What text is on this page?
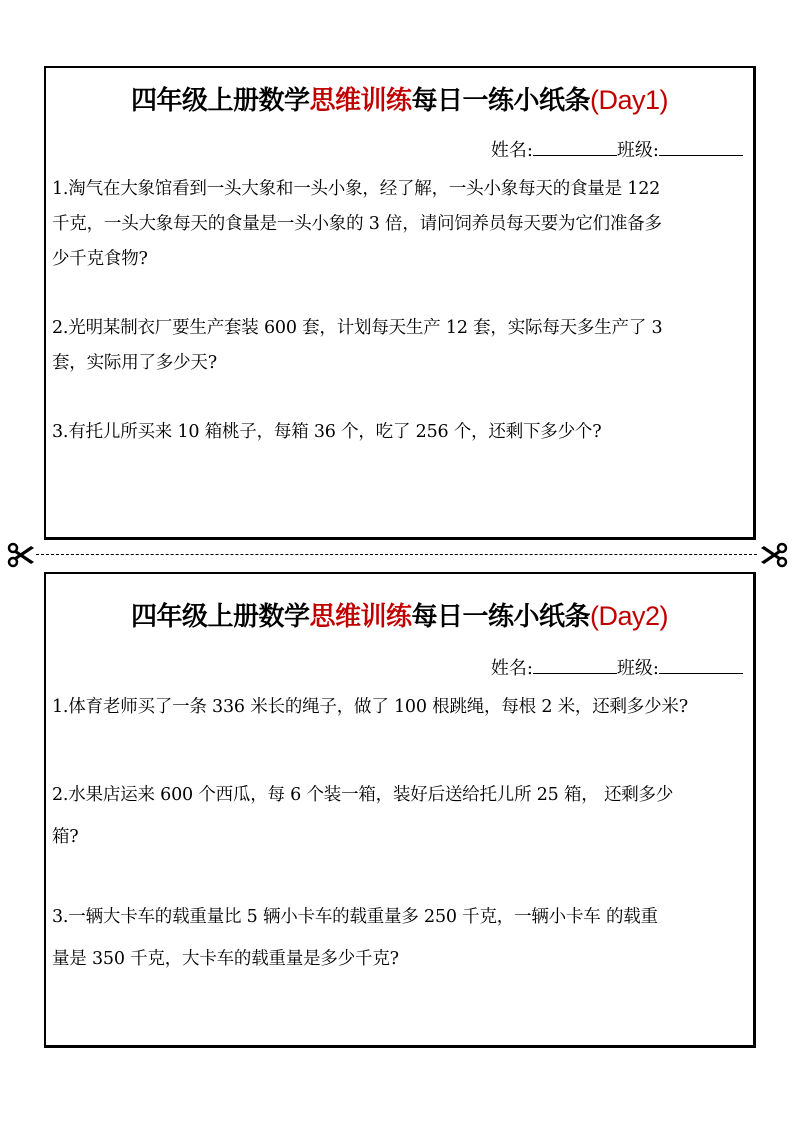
四年级上册数学思维训练每日一练小纸条(Day1)
姓名:	班级:
1.淘气在大象馆看到一头大象和一头小象，经了解，一头小象每天的食量是 122
千克，一头大象每天的食量是一头小象的 3 倍，请问饲养员每天要为它们准备多
少千克食物?
2.光明某制衣厂要生产套装 600 套，计划每天生产 12 套，实际每天多生产了 3
套，实际用了多少天?
3.有托儿所买来 10 箱桃子，每箱 36 个，吃了 256 个，还剩下多少个?
四年级上册数学思维训练每日一练小纸条(Day2)
姓名:	班级:
1.体育老师买了一条 336 米长的绳子，做了 100 根跳绳，每根 2 米，还剩多少米?
2.水果店运来 600 个西瓜，每 6 个装一箱，装好后送给托儿所 25 箱， 还剩多少
箱?
3.一辆大卡车的载重量比 5 辆小卡车的载重量多 250 千克，一辆小卡车 的载重
量是 350 千克，大卡车的载重量是多少千克?
